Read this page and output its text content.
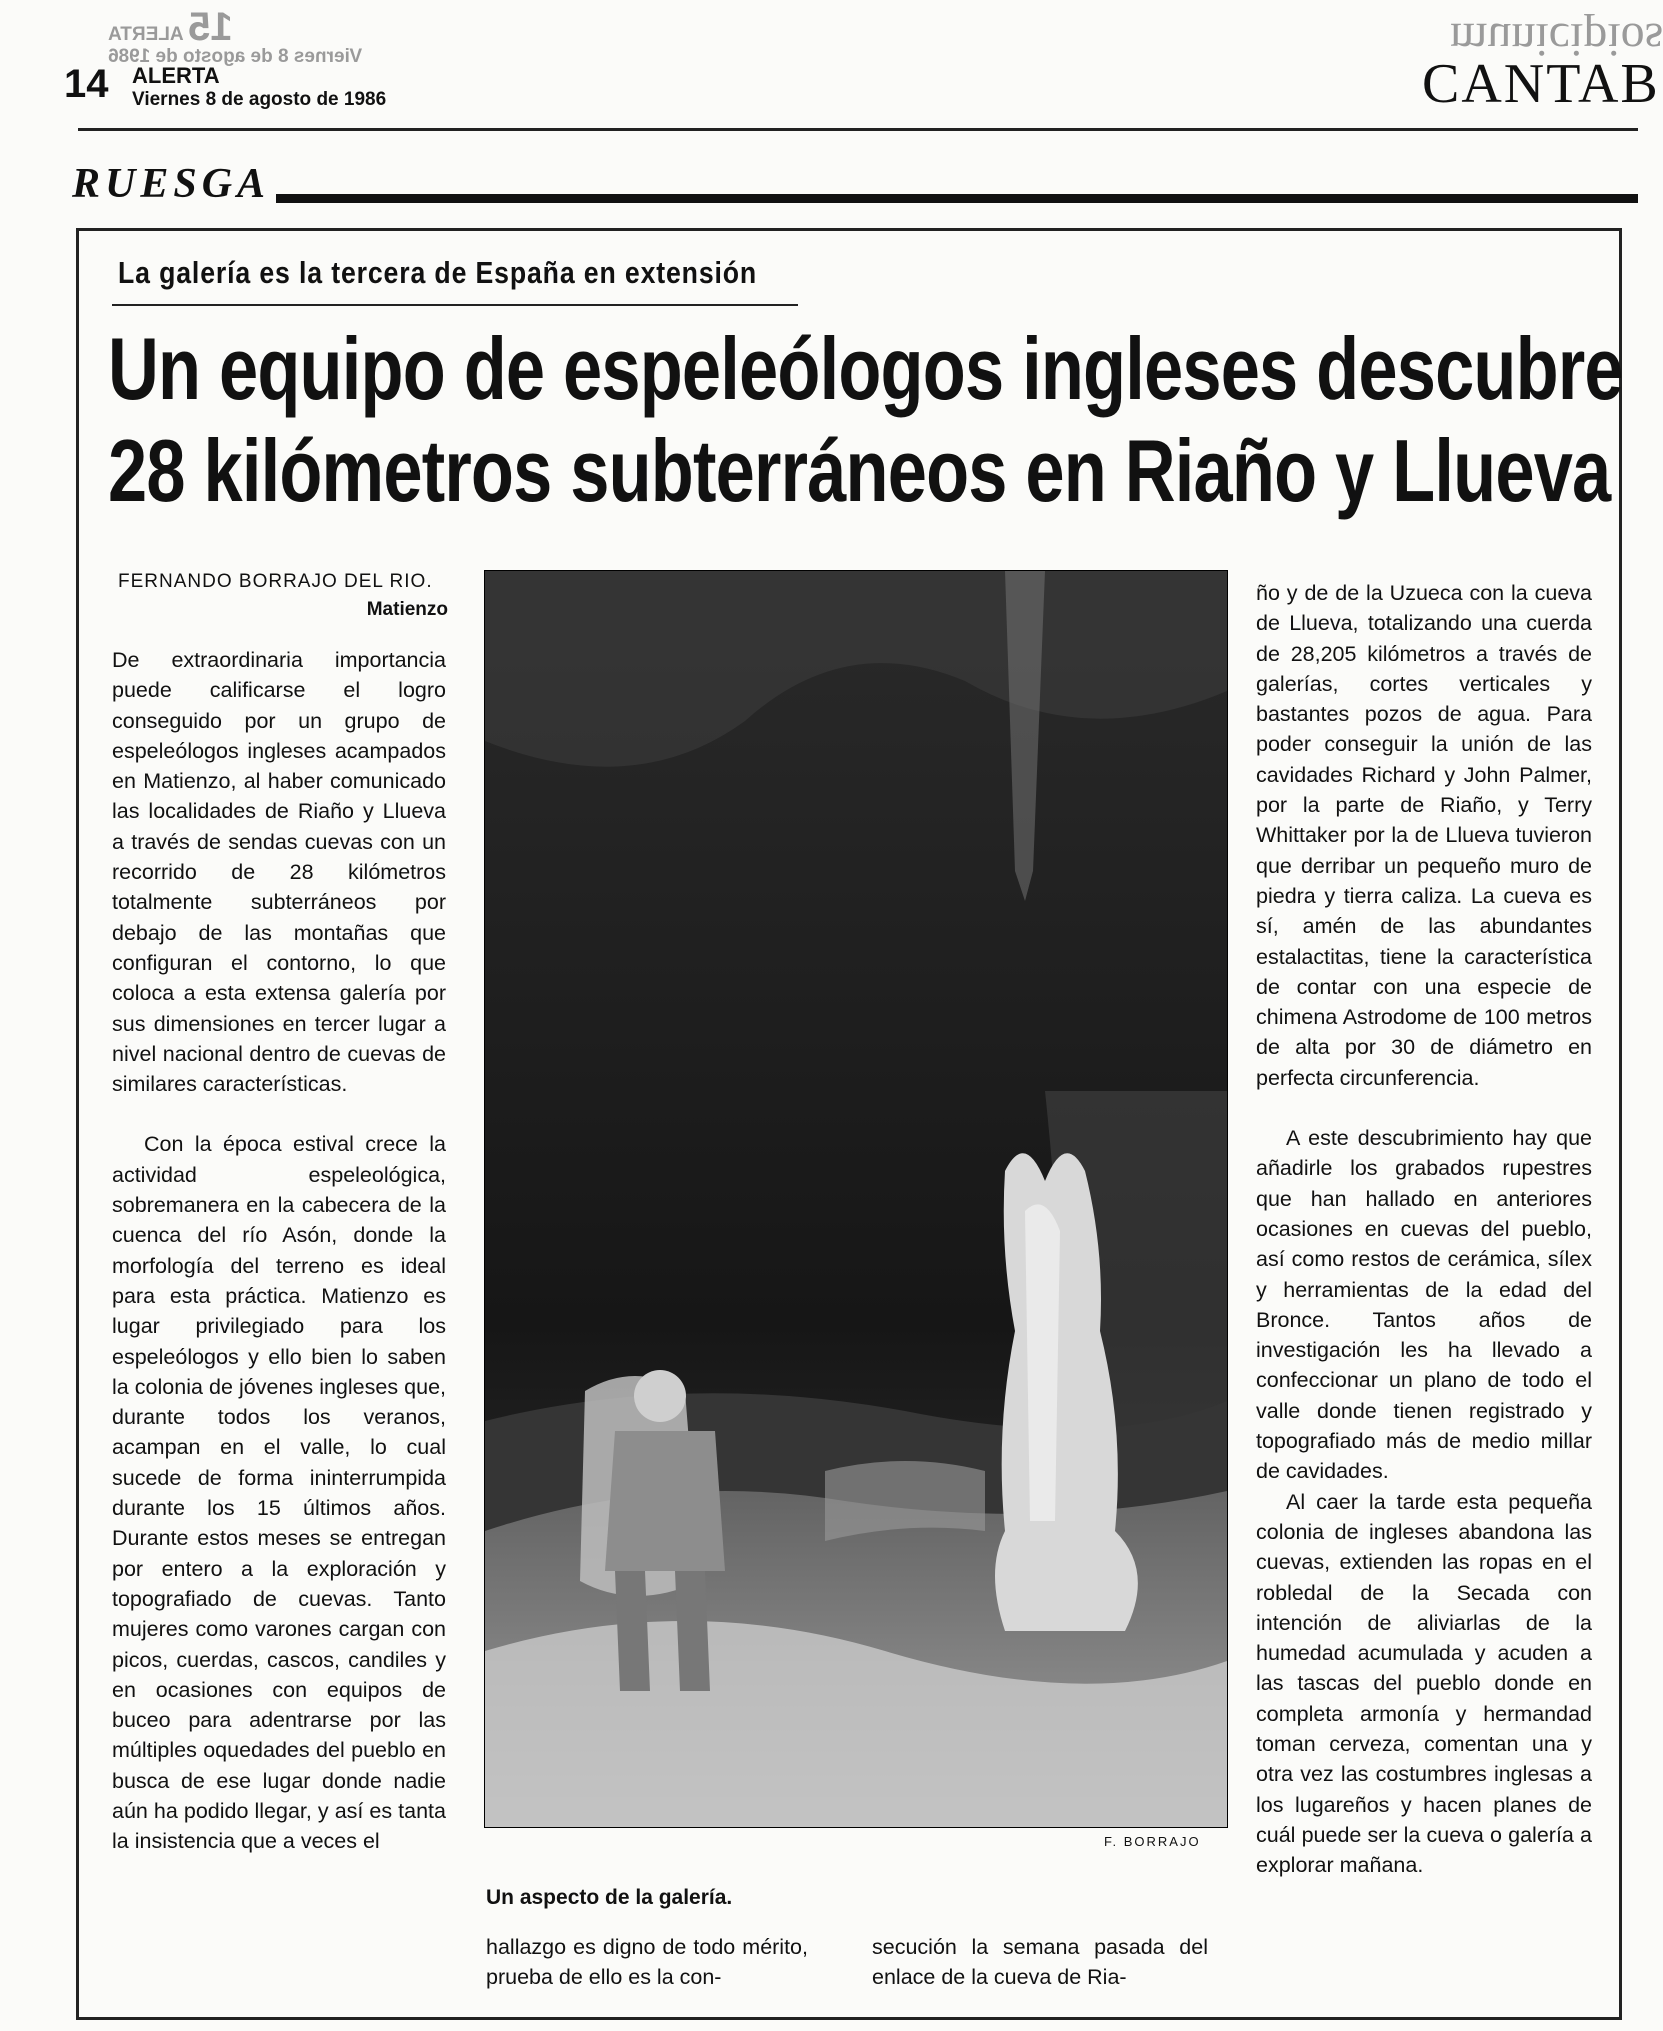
15 ALERTA
Viernes 8 de agosto de 1986
14 ALERTA
Viernes 8 de agosto de 1986
municipios
CANTAB
RUESGA
La galería es la tercera de España en extensión
Un equipo de espeleólogos ingleses descubre
28 kilómetros subterráneos en Riaño y Llueva
FERNANDO BORRAJO DEL RIO.
Matienzo

De extraordinaria importancia puede calificarse el logro conseguido por un grupo de espeleólogos ingleses acampados en Matienzo, al haber comunicado las localidades de Riaño y Llueva a través de sendas cuevas con un recorrido de 28 kilómetros totalmente subterráneos por debajo de las montañas que configuran el contorno, lo que coloca a esta extensa galería por sus dimensiones en tercer lugar a nivel nacional dentro de cuevas de similares características.

Con la época estival crece la actividad espeleológica, sobremanera en la cabecera de la cuenca del río Asón, donde la morfología del terreno es ideal para esta práctica. Matienzo es lugar privilegiado para los espeleólogos y ello bien lo saben la colonia de jóvenes ingleses que, durante todos los veranos, acampan en el valle, lo cual sucede de forma ininterrumpida durante los 15 últimos años. Durante estos meses se entregan por entero a la exploración y topografiado de cuevas. Tanto mujeres como varones cargan con picos, cuerdas, cascos, candiles y en ocasiones con equipos de buceo para adentrarse por las múltiples oquedades del pueblo en busca de ese lugar donde nadie aún ha podido llegar, y así es tanta la insistencia que a veces el	F. BORRAJO
Un aspecto de la galería.

hallazgo es digno de todo mérito, prueba de ello es la con-

secución la semana pasada del enlace de la cueva de Ria-

ño y de de la Uzueca con la cueva de Llueva, totalizando una cuerda de 28,205 kilómetros a través de galerías, cortes verticales y bastantes pozos de agua. Para poder conseguir la unión de las cavidades Richard y John Palmer, por la parte de Riaño, y Terry Whittaker por la de Llueva tuvieron que derribar un pequeño muro de piedra y tierra caliza. La cueva es sí, amén de las abundantes estalactitas, tiene la característica de contar con una especie de chimena Astrodome de 100 metros de alta por 30 de diámetro en perfecta circunferencia.

A este descubrimiento hay que añadirle los grabados rupestres que han hallado en anteriores ocasiones en cuevas del pueblo, así como restos de cerámica, sílex y herramientas de la edad del Bronce. Tantos años de investigación les ha llevado a confeccionar un plano de todo el valle donde tienen registrado y topografiado más de medio millar de cavidades.

Al caer la tarde esta pequeña colonia de ingleses abandona las cuevas, extienden las ropas en el robledal de la Secada con intención de aliviarlas de la humedad acumulada y acuden a las tascas del pueblo donde en completa armonía y hermandad toman cerveza, comentan una y otra vez las costumbres inglesas a los lugareños y hacen planes de cuál puede ser la cueva o galería a explorar mañana.
